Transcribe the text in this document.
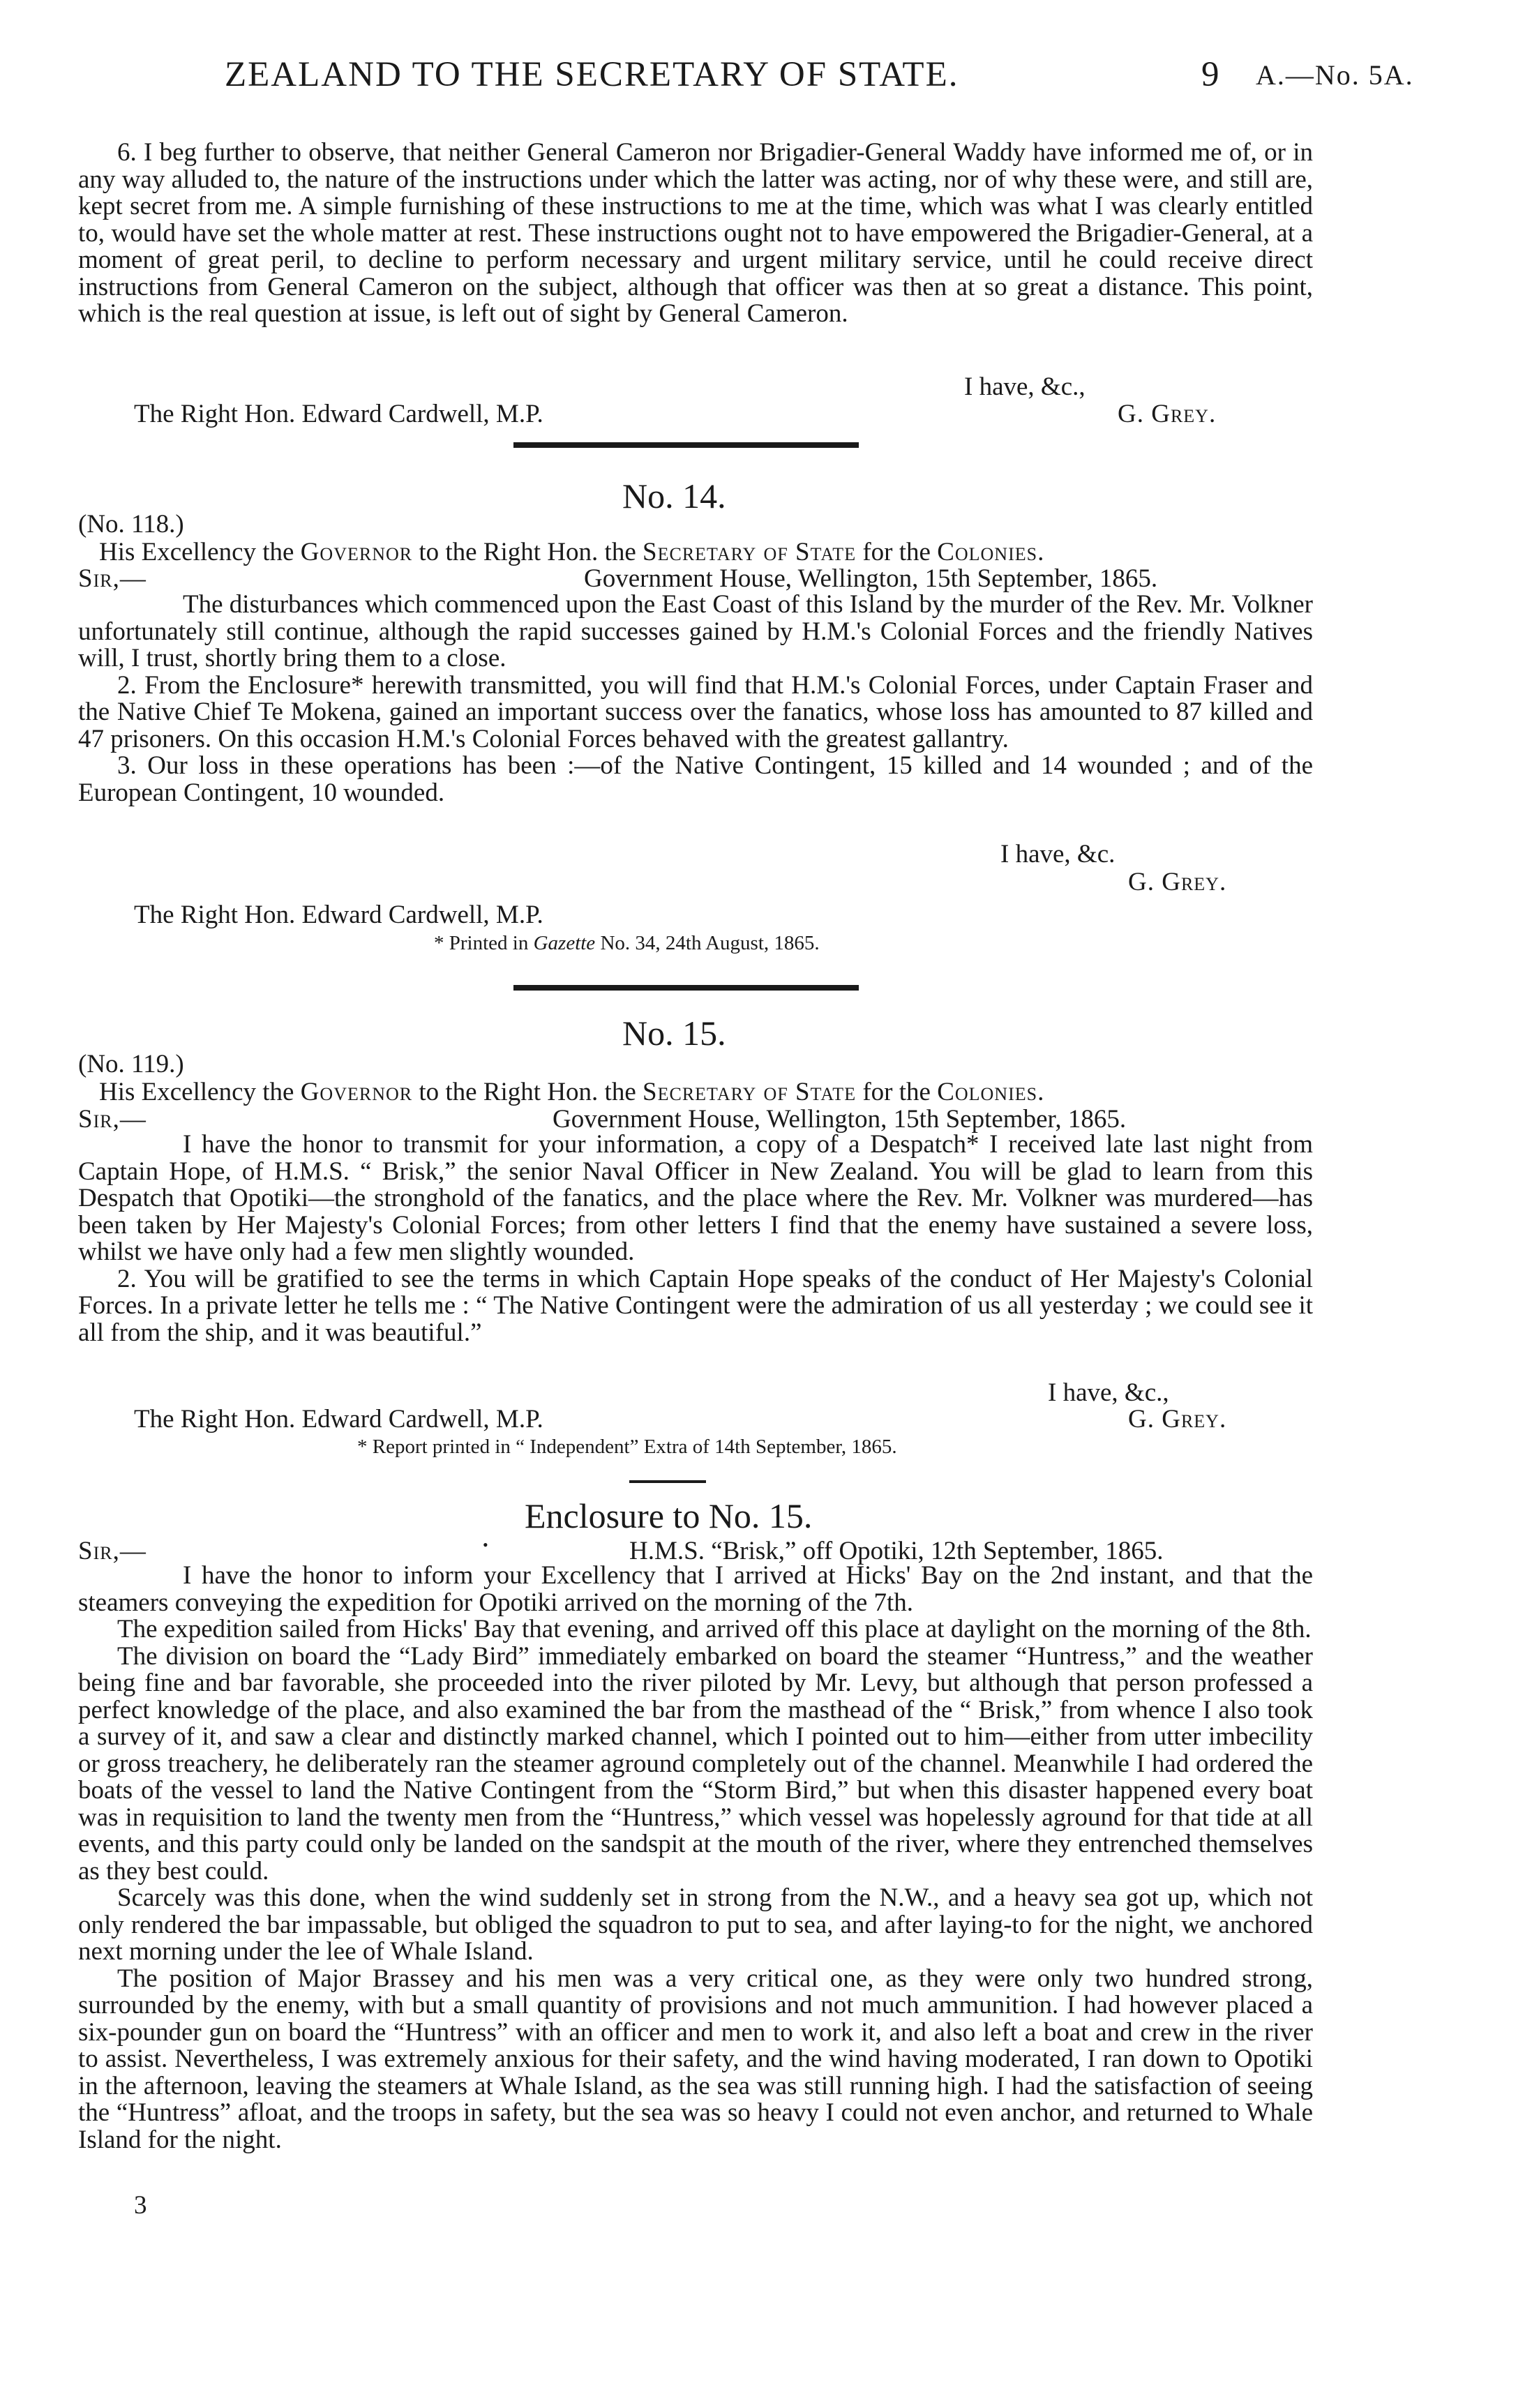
ZEALAND TO THE SECRETARY OF STATE.	9 A.—No. 5A.

6. I beg further to observe, that neither General Cameron nor Brigadier-General Waddy have informed me of, or in any way alluded to, the nature of the instructions under which the latter was acting, nor of why these were, and still are, kept secret from me. A simple furnishing of these instructions to me at the time, which was what I was clearly entitled to, would have set the whole matter at rest. These instructions ought not to have empowered the Brigadier-General, at a moment of great peril, to decline to perform necessary and urgent military service, until he could receive direct instructions from General Cameron on the subject, although that officer was then at so great a distance. This point, which is the real question at issue, is left out of sight by General Cameron.

I have, &c.,
The Right Hon. Edward Cardwell, M.P.	G. Grey.
No. 14.
(No. 118.)
His Excellency the Governor to the Right Hon. the Secretary of State for the Colonies.
Sir,—	Government House, Wellington, 15th September, 1865.

The disturbances which commenced upon the East Coast of this Island by the murder of the Rev. Mr. Volkner unfortunately still continue, although the rapid successes gained by H.M.'s Colonial Forces and the friendly Natives will, I trust, shortly bring them to a close.

2. From the Enclosure* herewith transmitted, you will find that H.M.'s Colonial Forces, under Captain Fraser and the Native Chief Te Mokena, gained an important success over the fanatics, whose loss has amounted to 87 killed and 47 prisoners. On this occasion H.M.'s Colonial Forces behaved with the greatest gallantry.

3. Our loss in these operations has been :—of the Native Contingent, 15 killed and 14 wounded ; and of the European Contingent, 10 wounded.

I have, &c.
G. Grey.
The Right Hon. Edward Cardwell, M.P.
* Printed in Gazette No. 34, 24th August, 1865.
No. 15.
(No. 119.)
His Excellency the Governor to the Right Hon. the Secretary of State for the Colonies.
Sir,—	Government House, Wellington, 15th September, 1865.

I have the honor to transmit for your information, a copy of a Despatch* I received late last night from Captain Hope, of H.M.S. “ Brisk,” the senior Naval Officer in New Zealand. You will be glad to learn from this Despatch that Opotiki—the stronghold of the fanatics, and the place where the Rev. Mr. Volkner was murdered—has been taken by Her Majesty's Colonial Forces; from other letters I find that the enemy have sustained a severe loss, whilst we have only had a few men slightly wounded.

2. You will be gratified to see the terms in which Captain Hope speaks of the conduct of Her Majesty's Colonial Forces. In a private letter he tells me : “ The Native Contingent were the admiration of us all yesterday ; we could see it all from the ship, and it was beautiful.”

I have, &c.,
The Right Hon. Edward Cardwell, M.P.	G. Grey.
* Report printed in “ Independent” Extra of 14th September, 1865.
Enclosure to No. 15.
Sir,—	•	H.M.S. “Brisk,” off Opotiki, 12th September, 1865.

I have the honor to inform your Excellency that I arrived at Hicks' Bay on the 2nd instant, and that the steamers conveying the expedition for Opotiki arrived on the morning of the 7th.

The expedition sailed from Hicks' Bay that evening, and arrived off this place at daylight on the morning of the 8th.

The division on board the “Lady Bird” immediately embarked on board the steamer “Huntress,” and the weather being fine and bar favorable, she proceeded into the river piloted by Mr. Levy, but although that person professed a perfect knowledge of the place, and also examined the bar from the masthead of the “ Brisk,” from whence I also took a survey of it, and saw a clear and distinctly marked channel, which I pointed out to him—either from utter imbecility or gross treachery, he deliberately ran the steamer aground completely out of the channel. Meanwhile I had ordered the boats of the vessel to land the Native Contingent from the “Storm Bird,” but when this disaster happened every boat was in requisition to land the twenty men from the “Huntress,” which vessel was hopelessly aground for that tide at all events, and this party could only be landed on the sandspit at the mouth of the river, where they entrenched themselves as they best could.

Scarcely was this done, when the wind suddenly set in strong from the N.W., and a heavy sea got up, which not only rendered the bar impassable, but obliged the squadron to put to sea, and after laying-to for the night, we anchored next morning under the lee of Whale Island.

The position of Major Brassey and his men was a very critical one, as they were only two hundred strong, surrounded by the enemy, with but a small quantity of provisions and not much ammunition. I had however placed a six-pounder gun on board the “Huntress” with an officer and men to work it, and also left a boat and crew in the river to assist. Nevertheless, I was extremely anxious for their safety, and the wind having moderated, I ran down to Opotiki in the afternoon, leaving the steamers at Whale Island, as the sea was still running high. I had the satisfaction of seeing the “Huntress” afloat, and the troops in safety, but the sea was so heavy I could not even anchor, and returned to Whale Island for the night.

3
